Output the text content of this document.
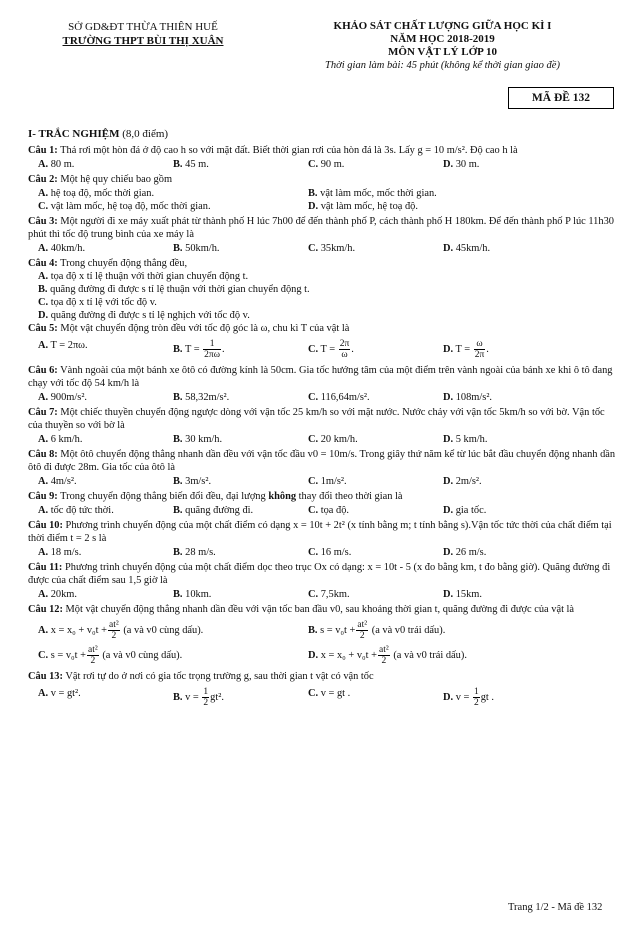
SỞ GD&ĐT THỪA THIÊN HUẾ
TRƯỜNG THPT BÙI THỊ XUÂN
KHẢO SÁT CHẤT LƯỢNG GIỮA HỌC KÌ I
NĂM HỌC 2018-2019
MÔN VẬT LÝ LỚP 10
Thời gian làm bài: 45 phút (không kể thời gian giao đề)
MÃ ĐỀ 132
I- TRẮC NGHIỆM (8,0 điểm)
Câu 1: Thả rơi một hòn đá ở độ cao h so với mặt đất. Biết thời gian rơi của hòn đá là 3s. Lấy g = 10 m/s². Độ cao h là
A. 80 m.	B. 45 m.	C. 90 m.	D. 30 m.
Câu 2: Một hệ quy chiếu bao gồm
A. hệ toạ độ, mốc thời gian.	B. vật làm mốc, mốc thời gian.
C. vật làm mốc, hệ toạ độ, mốc thời gian.	D. vật làm mốc, hệ toạ độ.
Câu 3: Một người đi xe máy xuất phát từ thành phố H lúc 7h00 để đến thành phố P, cách thành phố H 180km. Để đến thành phố P lúc 11h30 phút thì tốc độ trung bình của xe máy là
A. 40km/h.	B. 50km/h.	C. 35km/h.	D. 45km/h.
Câu 4: Trong chuyển động thẳng đều,
A. tọa độ x tỉ lệ thuận với thời gian chuyển động t.
B. quãng đường đi được s tỉ lệ thuận với thời gian chuyển động t.
C. tọa độ x tỉ lệ với tốc độ v.
D. quãng đường đi được s tỉ lệ nghịch với tốc độ v.
Câu 5: Một vật chuyển động tròn đều với tốc độ góc là ω, chu kì T của vật là
A. T = 2πω.	B. $T = \frac{1}{2\pi\omega}$ .	C. $T = \frac{2\pi}{\omega}$ .	D. $T = \frac{\omega}{2\pi}$ .
Câu 6: Vành ngoài của một bánh xe ôtô có đường kính là 50cm. Gia tốc hướng tâm của một điểm trên vành ngoài của bánh xe khi ô tô đang chạy với tốc độ 54 km/h là
A. 900m/s².	B. 58,32m/s².	C. 116,64m/s².	D. 108m/s².
Câu 7: Một chiếc thuyền chuyển động ngược dòng với vận tốc 25 km/h so với mặt nước. Nước chảy với vận tốc 5km/h so với bờ. Vận tốc của thuyền so với bờ là
A. 6 km/h.	B. 30 km/h.	C. 20 km/h.	D. 5 km/h.
Câu 8: Một ôtô chuyển động thẳng nhanh dần đều với vận tốc đầu v0 = 10m/s. Trong giây thứ năm kể từ lúc bắt đầu chuyển động nhanh dần ôtô đi được 28m. Gia tốc của ôtô là
A. 4m/s².	B. 3m/s².	C. 1m/s².	D. 2m/s².
Câu 9: Trong chuyển động thẳng biến đổi đều, đại lượng không thay đổi theo thời gian là
A. tốc độ tức thời.	B. quãng đường đi.	C. tọa độ.	D. gia tốc.
Câu 10: Phương trình chuyển động của một chất điểm có dạng x = 10t + 2t² (x tính bằng m; t tính bằng s).Vận tốc tức thời của chất điểm tại thời điểm t = 2 s là
A. 18 m/s.	B. 28 m/s.	C. 16 m/s.	D. 26 m/s.
Câu 11: Phương trình chuyển động của một chất điểm dọc theo trục Ox có dạng: x = 10t - 5 (x đo bằng km, t đo bằng giờ). Quãng đường đi được của chất điểm sau 1,5 giờ là
A. 20km.	B. 10km.	C. 7,5km.	D. 15km.
Câu 12: Một vật chuyển động thẳng nhanh dần đều với vận tốc ban đầu v0, sau khoảng thời gian t, quãng đường đi được của vật là
A. $x = x_0 + v_0t + \frac{\text{at²}}{2} (a$ và v0 cùng dấu).	B. $s = v_0t + \frac{\text{at²}}{2} (a$ và v0 trái dấu).
C. $s = v_0t + \frac{\text{at²}}{2} (a$ và v0 cùng dấu).	D. $x = x_0 + v_0t + \frac{\text{at²}}{2} (a$ và v0 trái dấu).
Câu 13: Vật rơi tự do ở nơi có gia tốc trọng trường g, sau thời gian t vật có vận tốc
A. v = gt².	B. $v = \frac{1}{2} gt^2$.	C. v = gt .	D. $v = \frac{1}{2}$ gt .
Trang 1/2 - Mã đề 132
